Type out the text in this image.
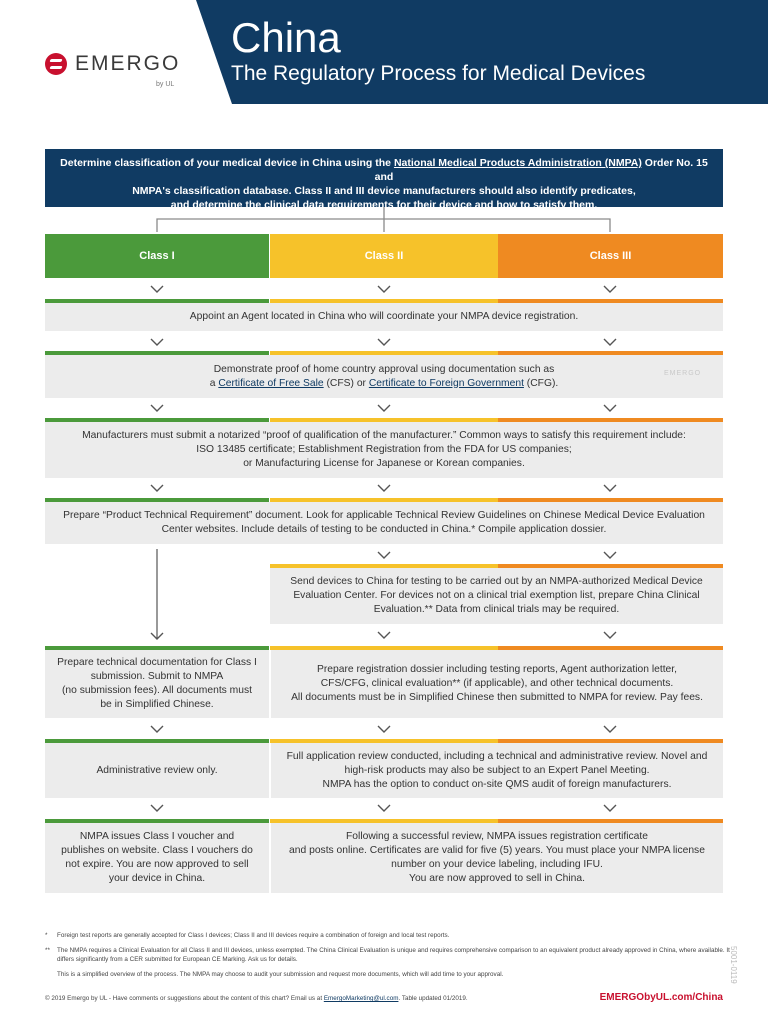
EMERGO
by UL
China
The Regulatory Process for Medical Devices
Determine classification of your medical device in China using the National Medical Products Administration (NMPA) Order No. 15 and
NMPA's classification database. Class II and III device manufacturers should also identify predicates,
and determine the clinical data requirements for their device and how to satisfy them.
Class I	Class II	Class III
Appoint an Agent located in China who will coordinate your NMPA device registration.
Demonstrate proof of home country approval using documentation such as
a Certificate of Free Sale (CFS) or Certificate to Foreign Government (CFG).
EMERGO
Manufacturers must submit a notarized “proof of qualification of the manufacturer.” Common ways to satisfy this requirement include:
ISO 13485 certificate; Establishment Registration from the FDA for US companies;
or Manufacturing License for Japanese or Korean companies.
Prepare “Product Technical Requirement” document. Look for applicable Technical Review Guidelines on Chinese Medical Device Evaluation
Center websites. Include details of testing to be conducted in China.* Compile application dossier.
Send devices to China for testing to be carried out by an NMPA-authorized Medical Device
Evaluation Center. For devices not on a clinical trial exemption list, prepare China Clinical
Evaluation.** Data from clinical trials may be required.
Prepare technical documentation for Class I
submission. Submit to NMPA
(no submission fees). All documents must
be in Simplified Chinese.
Prepare registration dossier including testing reports, Agent authorization letter,
CFS/CFG, clinical evaluation** (if applicable), and other technical documents.
All documents must be in Simplified Chinese then submitted to NMPA for review. Pay fees.
Administrative review only.
Full application review conducted, including a technical and administrative review. Novel and
high-risk products may also be subject to an Expert Panel Meeting.
NMPA has the option to conduct on-site QMS audit of foreign manufacturers.
NMPA issues Class I voucher and
publishes on website. Class I vouchers do
not expire. You are now approved to sell
your device in China.
Following a successful review, NMPA issues registration certificate
and posts online. Certificates are valid for five (5) years. You must place your NMPA license
number on your device labeling, including IFU.
You are now approved to sell in China.
* Foreign test reports are generally accepted for Class I devices; Class II and III devices require a combination of foreign and local test reports.
** The NMPA requires a Clinical Evaluation for all Class II and III devices, unless exempted. The China Clinical Evaluation is unique and requires comprehensive comparison to an equivalent product already approved in China, where available. It differs significantly from a CER submitted for European CE Marking. Ask us for details.
This is a simplified overview of the process. The NMPA may choose to audit your submission and request more documents, which will add time to your approval.
© 2019 Emergo by UL - Have comments or suggestions about the content of this chart? Email us at EmergoMarketing@ul.com. Table updated 01/2019.	EMERGObyUL.com/China
5001-0119
